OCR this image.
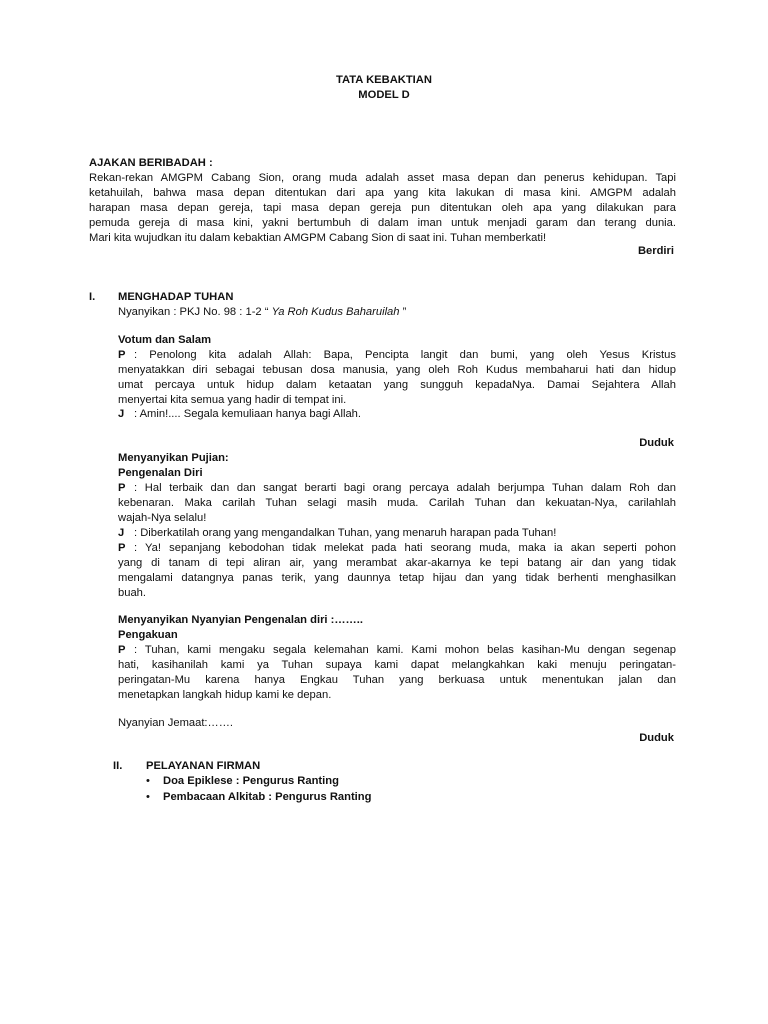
TATA KEBAKTIAN
MODEL D
AJAKAN BERIBADAH :
Rekan-rekan AMGPM Cabang Sion, orang muda adalah asset masa depan dan penerus kehidupan. Tapi
ketahuilah, bahwa masa depan ditentukan dari apa yang kita lakukan di masa kini. AMGPM adalah
harapan masa depan gereja, tapi masa depan gereja pun ditentukan oleh apa yang dilakukan para
pemuda gereja di masa kini, yakni bertumbuh di dalam iman untuk menjadi garam dan terang dunia.
Mari kita wujudkan itu dalam kebaktian AMGPM Cabang Sion di saat ini. Tuhan memberkati!
Berdiri
I. MENGHADAP TUHAN
Nyanyikan : PKJ No. 98 : 1-2 “ Ya Roh Kudus Baharuilah ”
Votum dan Salam
P : Penolong kita adalah Allah: Bapa, Pencipta langit dan bumi, yang oleh Yesus Kristus
menyatakkan diri sebagai tebusan dosa manusia, yang oleh Roh Kudus membaharui hati dan hidup
umat percaya untuk hidup dalam ketaatan yang sungguh kepadaNya. Damai Sejahtera Allah
menyertai kita semua yang hadir di tempat ini.
J : Amin!.... Segala kemuliaan hanya bagi Allah.
Duduk
Menyanyikan Pujian:
Pengenalan Diri
P : Hal terbaik dan dan sangat berarti bagi orang percaya adalah berjumpa Tuhan dalam Roh dan
kebenaran. Maka carilah Tuhan selagi masih muda. Carilah Tuhan dan kekuatan-Nya, carilahlah
wajah-Nya selalu!
J : Diberkatilah orang yang mengandalkan Tuhan, yang menaruh harapan pada Tuhan!
P : Ya! sepanjang kebodohan tidak melekat pada hati seorang muda, maka ia akan seperti pohon
yang di tanam di tepi aliran air, yang merambat akar-akarnya ke tepi batang air dan yang tidak
mengalami datangnya panas terik, yang daunnya tetap hijau dan yang tidak berhenti menghasilkan
buah.
Menyanyikan Nyanyian Pengenalan diri :……..
Pengakuan
P : Tuhan, kami mengaku segala kelemahan kami. Kami mohon belas kasihan-Mu dengan segenap
hati, kasihanilah kami ya Tuhan supaya kami dapat melangkahkan kaki menuju peringatan-
peringatan-Mu karena hanya Engkau Tuhan yang berkuasa untuk menentukan jalan dan
menetapkan langkah hidup kami ke depan.
Nyanyian Jemaat:…….
Duduk
II. PELAYANAN FIRMAN
•	Doa Epiklese : Pengurus Ranting
•	Pembacaan Alkitab : Pengurus Ranting
